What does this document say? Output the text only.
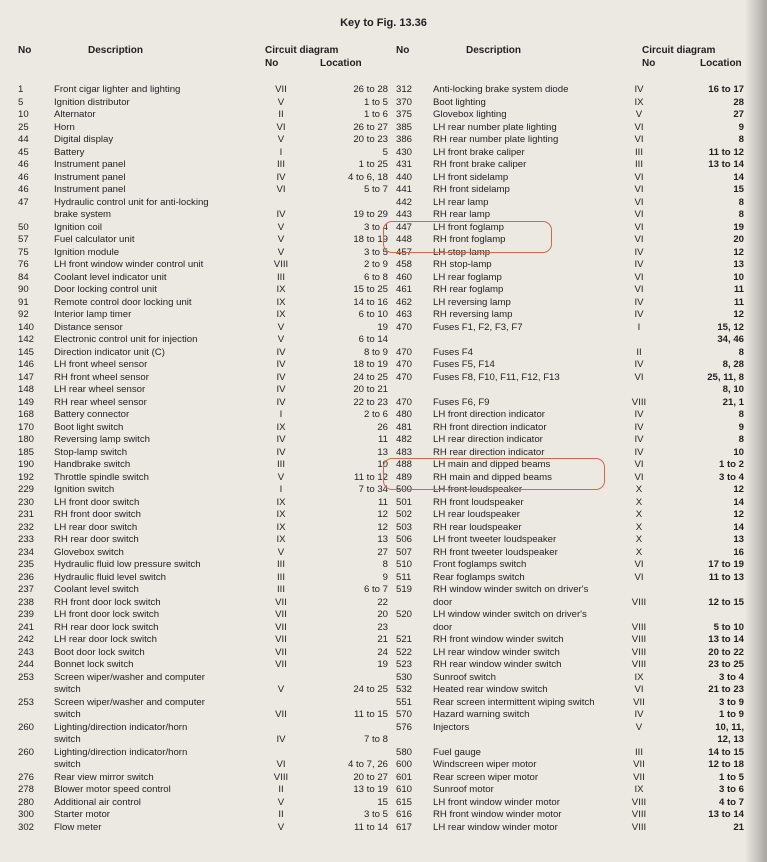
Key to Fig. 13.36
No	Description	Circuit diagram
No	Location
No	Description	Circuit diagram
No	Location
1	Front cigar lighter and lighting	VII	26 to 28
5	Ignition distributor	V	1 to 5
10	Alternator	II	1 to 6
25	Horn	VI	26 to 27
44	Digital display	V	20 to 23
45	Battery	I	5
46	Instrument panel	III	1 to 25
46	Instrument panel	IV	4 to 6, 18
46	Instrument panel	VI	5 to 7
47	Hydraulic control unit for anti-locking
brake system	IV	19 to 29
50	Ignition coil	V	3 to 4
57	Fuel calculator unit	V	18 to 19
75	Ignition module	V	3 to 5
76	LH front window winder control unit	VIII	2 to 9
84	Coolant level indicator unit	III	6 to 8
90	Door locking control unit	IX	15 to 25
91	Remote control door locking unit	IX	14 to 16
92	Interior lamp timer	IX	6 to 10
140 Distance sensor	V	19
142 Electronic control unit for injection	V	6 to 14
145 Direction indicator unit (C)	IV	8 to 9
146 LH front wheel sensor	IV	18 to 19
147 RH front wheel sensor	IV	24 to 25
148 LH rear wheel sensor	IV	20 to 21
149 RH rear wheel sensor	IV	22 to 23
168 Battery connector	I	2 to 6
170 Boot light switch	IX	26
180 Reversing lamp switch	IV	11
185 Stop-lamp switch	IV	13
190 Handbrake switch	III	10
192 Throttle spindle switch	V	11 to 12
229 Ignition switch	I	7 to 34
230 LH front door switch	IX	11
231 RH front door switch	IX	12
232 LH rear door switch	IX	12
233 RH rear door switch	IX	13
234 Glovebox switch	V	27
235 Hydraulic fluid low pressure switch	III	8
236 Hydraulic fluid level switch	III	9
237 Coolant level switch	III	6 to 7
238 RH front door lock switch	VII	22
239 LH front door lock switch	VII	20
241 RH rear door lock switch	VII	23
242 LH rear door lock switch	VII	21
243 Boot door lock switch	VII	24
244 Bonnet lock switch	VII	19
253 Screen wiper/washer and computer
switch	V	24 to 25
253 Screen wiper/washer and computer
switch	VII	11 to 15
260 Lighting/direction indicator/horn
switch	IV	7 to 8
260 Lighting/direction indicator/horn
switch	VI	4 to 7, 26
276 Rear view mirror switch	VIII	20 to 27
278 Blower motor speed control	II	13 to 19
280 Additional air control	V	15
300 Starter motor	II	3 to 5
302 Flow meter	V	11 to 14
312 Anti-locking brake system diode	IV	16 to 17
370 Boot lighting	IX	28
375 Glovebox lighting	V	27
385 LH rear number plate lighting	VI	9
386 RH rear number plate lighting	VI	8
430 LH front brake caliper	III	11 to 12
431 RH front brake caliper	III	13 to 14
440 LH front sidelamp	VI	14
441 RH front sidelamp	VI	15
442 LH rear lamp	VI	8
443 RH rear lamp	VI	8
447 LH front foglamp	VI	19
448 RH front foglamp	VI	20
457 LH stop-lamp	IV	12
458 RH stop-lamp	IV	13
460 LH rear foglamp	VI	10
461 RH rear foglamp	VI	11
462 LH reversing lamp	IV	11
463 RH reversing lamp	IV	12
470 Fuses F1, F2, F3, F7	I	15, 12
34, 46
470 Fuses F4	II	8
470 Fuses F5, F14	IV	8, 28
470 Fuses F8, F10, F11, F12, F13	VI	25, 11, 8
8, 10
470 Fuses F6, F9	VIII	21, 1
480 LH front direction indicator	IV	8
481 RH front direction indicator	IV	9
482 LH rear direction indicator	IV	8
483 RH rear direction indicator	IV	10
488 LH main and dipped beams	VI	1 to 2
489 RH main and dipped beams	VI	3 to 4
500 LH front loudspeaker	X	12
501 RH front loudspeaker	X	14
502 LH rear loudspeaker	X	12
503 RH rear loudspeaker	X	14
506 LH front tweeter loudspeaker	X	13
507 RH front tweeter loudspeaker	X	16
510 Front foglamps switch	VI	17 to 19
511 Rear foglamps switch	VI	11 to 13
519 RH window winder switch on driver's
door	VIII	12 to 15
520 LH window winder switch on driver's
door	VIII	5 to 10
521 RH front window winder switch	VIII	13 to 14
522 LH rear window winder switch	VIII	20 to 22
523 RH rear window winder switch	VIII	23 to 25
530 Sunroof switch	IX	3 to 4
532 Heated rear window switch	VI	21 to 23
551 Rear screen intermittent wiping switch	VII	3 to 9
570 Hazard warning switch	IV	1 to 9
576 Injectors	V	10, 11,
12, 13
580 Fuel gauge	III	14 to 15
600 Windscreen wiper motor	VII	12 to 18
601 Rear screen wiper motor	VII	1 to 5
610 Sunroof motor	IX	3 to 6
615 LH front window winder motor	VIII	4 to 7
616 RH front window winder motor	VIII	13 to 14
617 LH rear window winder motor	VIII	21
